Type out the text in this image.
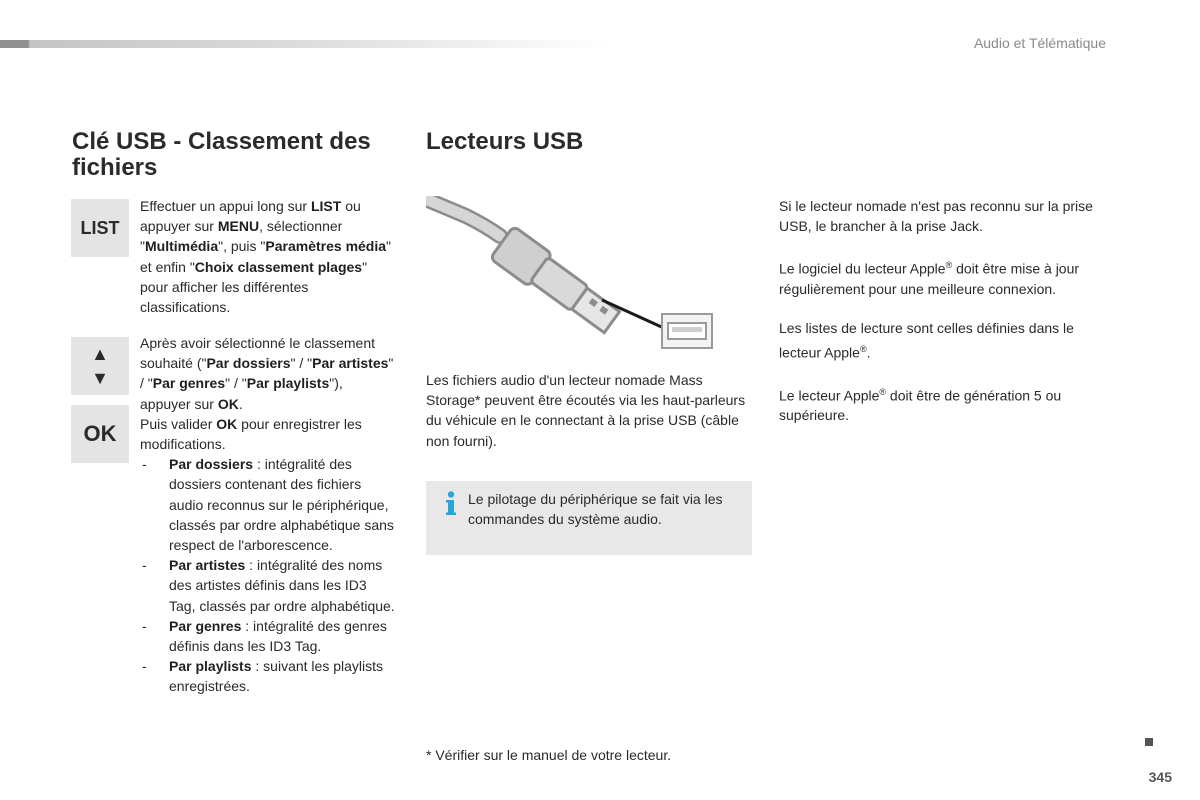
Audio et Télématique
Clé USB - Classement des fichiers
LIST

Effectuer un appui long sur LIST ou appuyer sur MENU, sélectionner "Multimédia", puis "Paramètres média" et enfin "Choix classement plages" pour afficher les différentes classifications.

▲
▼
OK
Après avoir sélectionné le classement souhaité ("Par dossiers" / "Par artistes" / "Par genres" / "Par playlists"), appuyer sur OK.
Puis valider OK pour enregistrer les modifications.
- Par dossiers : intégralité des dossiers contenant des fichiers audio reconnus sur le périphérique, classés par ordre alphabétique sans respect de l'arborescence.
- Par artistes : intégralité des noms des artistes définis dans les ID3 Tag, classés par ordre alphabétique.
- Par genres : intégralité des genres définis dans les ID3 Tag.
- Par playlists : suivant les playlists enregistrées.
Lecteurs USB

Les fichiers audio d'un lecteur nomade Mass Storage* peuvent être écoutés via les haut-parleurs du véhicule en le connectant à la prise USB (câble non fourni).

Le pilotage du périphérique se fait via les commandes du système audio.

* Vérifier sur le manuel de votre lecteur.

Si le lecteur nomade n'est pas reconnu sur la prise USB, le brancher à la prise Jack.

Le logiciel du lecteur Apple® doit être mise à jour régulièrement pour une meilleure connexion.

Les listes de lecture sont celles définies dans le lecteur Apple®.

Le lecteur Apple® doit être de génération 5 ou supérieure.

345
